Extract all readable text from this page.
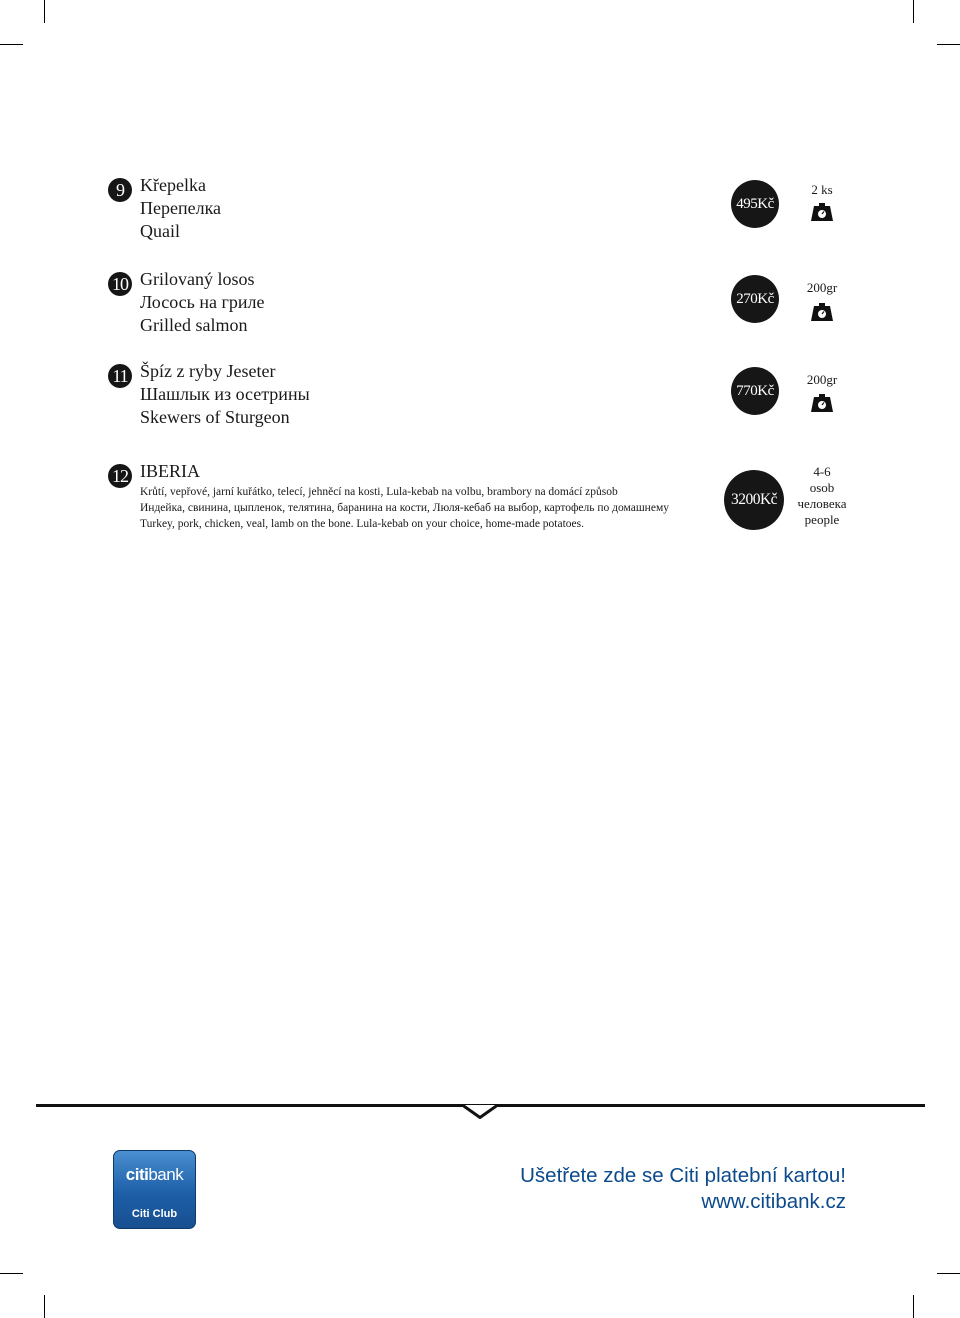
9 Křepelka
Перепелка
Quail
495Kč
2 ks
10 Grilovaný losos
Лосось на гриле
Grilled salmon
270Kč
200gr
11 Špíz z ryby Jeseter
Шашлык из осетрины
Skewers of Sturgeon
770Kč
200gr
12 IBERIA
Krůtí, vepřové, jarní kuřátko, telecí, jehněcí na kosti, Lula-kebab na volbu, brambory na domácí způsob
Индейка, свинина, цыпленок, телятина, баранина на кости, Люля-кебаб на выбор, картофель по домашнему
Turkey, pork, chicken, veal, lamb on the bone. Lula-kebab on your choice, home-made potatoes.
3200Kč
4-6
osob
человека
people
citibank
Citi Club
Ušetřete zde se Citi platební kartou!
www.citibank.cz
